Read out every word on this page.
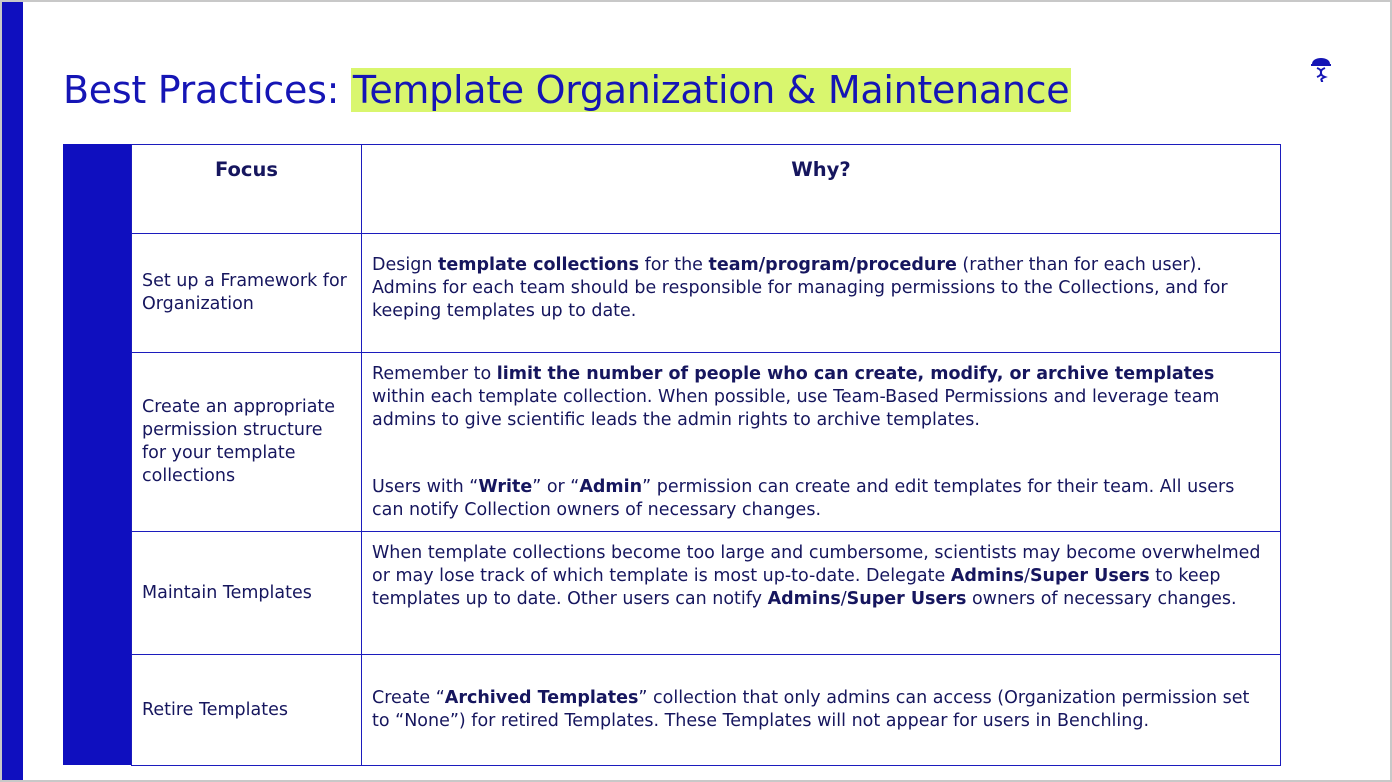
Best Practices: Template Organization & Maintenance
Focus	Why?
Set up a Framework for Organization	Design template collections for the team/program/procedure (rather than for each user). Admins for each team should be responsible for managing permissions to the Collections, and for keeping templates up to date.
Create an appropriate permission structure for your template collections	Remember to limit the number of people who can create, modify, or archive templates within each template collection. When possible, use Team-Based Permissions and leverage team admins to give scientific leads the admin rights to archive templates.
Users with “Write” or “Admin” permission can create and edit templates for their team. All users can notify Collection owners of necessary changes.

Maintain Templates	When template collections become too large and cumbersome, scientists may become overwhelmed or may lose track of which template is most up-to-date. Delegate Admins/Super Users to keep templates up to date. Other users can notify Admins/Super Users owners of necessary changes.
Retire Templates	Create “Archived Templates” collection that only admins can access (Organization permission set to “None”) for retired Templates. These Templates will not appear for users in Benchling.
